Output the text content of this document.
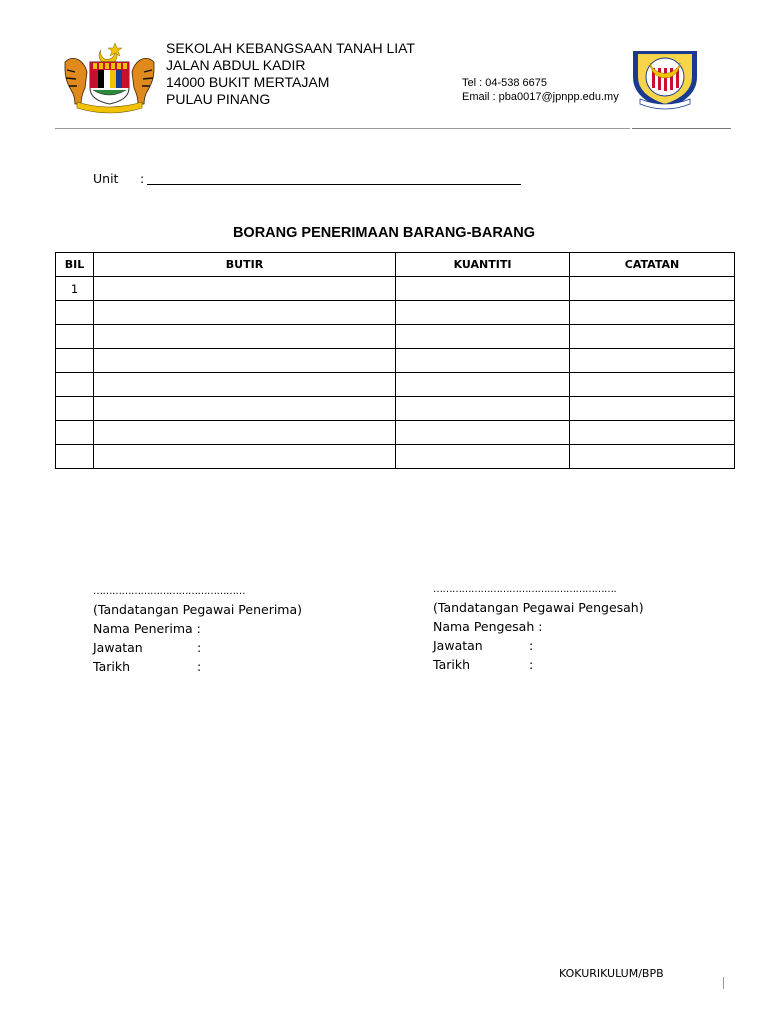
SEKOLAH KEBANGSAAN TANAH LIAT
JALAN ABDUL KADIR
14000 BUKIT MERTAJAM
PULAU PINANG
Tel : 04-538 6675
Email : pba0017@jpnpp.edu.my
Unit :
BORANG PENERIMAAN BARANG-BARANG
BIL	BUTIR	KUANTITI	CATATAN
1			

…………………………………………
(Tandatangan Pegawai Penerima)
Nama Penerima :
Jawatan	:
Tarikh	:
………………………………………………….
(Tandatangan Pegawai Pengesah)
Nama Pengesah :
Jawatan	:
Tarikh	:
KOKURIKULUM/BPB
